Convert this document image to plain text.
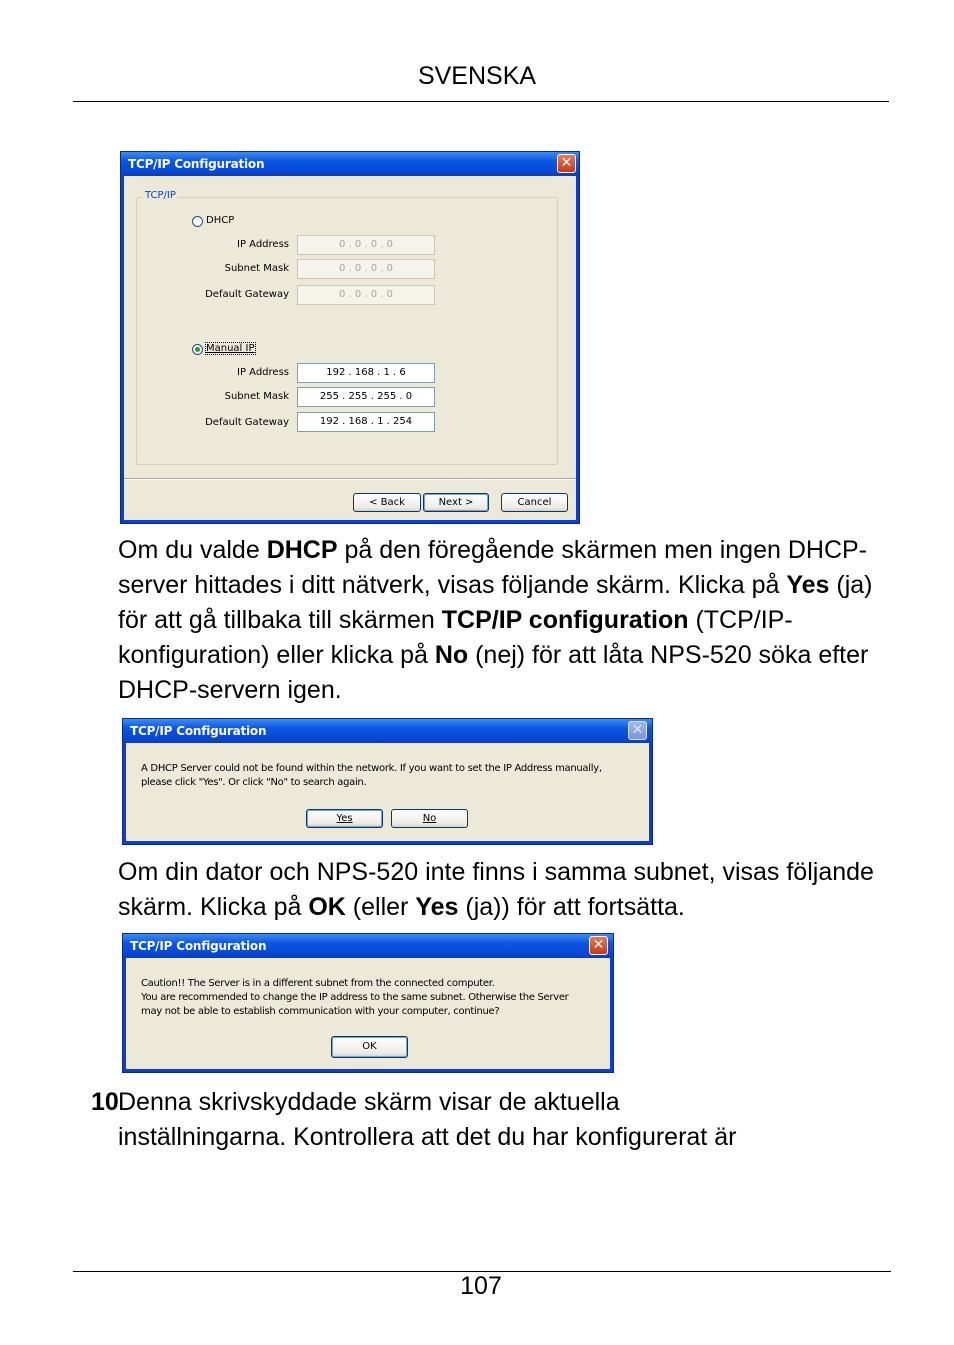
SVENSKA
TCP/IP Configuration	✕
TCP/IP
DHCP
IP Address	0 . 0 . 0 . 0
Subnet Mask	0 . 0 . 0 . 0
Default Gateway	0 . 0 . 0 . 0
Manual IP
IP Address	192 . 168 . 1 . 6
Subnet Mask	255 . 255 . 255 . 0
Default Gateway	192 . 168 . 1 . 254
< Back	Next >	Cancel
Om du valde DHCP på den föregående skärmen men ingen DHCP-server hittades i ditt nätverk, visas följande skärm. Klicka på Yes (ja) för att gå tillbaka till skärmen TCP/IP configuration (TCP/IP-konfiguration) eller klicka på No (nej) för att låta NPS-520 söka efter DHCP-servern igen.
TCP/IP Configuration	✕
A DHCP Server could not be found within the network. If you want to set the IP Address manually,
please click "Yes". Or click "No" to search again.
Yes	No
Om din dator och NPS-520 inte finns i samma subnet, visas följande skärm. Klicka på OK (eller Yes (ja)) för att fortsätta.
TCP/IP Configuration	✕
Caution!! The Server is in a different subnet from the connected computer.
You are recommended to change the IP address to the same subnet. Otherwise the Server
may not be able to establish communication with your computer, continue?
OK
10 Denna skrivskyddade skärm visar de aktuella
inställningarna. Kontrollera att det du har konfigurerat är
107
